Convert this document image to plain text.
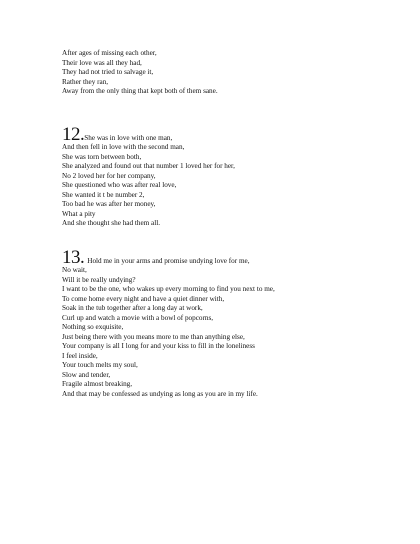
After ages of missing each other,
Their love was all they had,
They had not tried to salvage it,
Rather they ran,
Away from the only thing that kept both of them sane.
12.She was in love with one man,
And then fell in love with the second man,
She was torn between both,
She analyzed and found out that number 1 loved her for her,
No 2 loved her for her company,
She questioned who was after real love,
She wanted it t be number 2,
Too bad he was after her money,
What a pity
And she thought she had them all.
13. Hold me in your arms and promise undying love for me,
No wait,
Will it be really undying?
I want to be the one, who wakes up every morning to find you next to me,
To come home every night and have a quiet dinner with,
Soak in the tub together after a long day at work,
Curl up and watch a movie with a bowl of popcorns,
Nothing so exquisite,
Just being there with you means more to me than anything else,
Your company is all I long for and your kiss to fill in the loneliness
I feel inside,
Your touch melts my soul,
Slow and tender,
Fragile almost breaking,
And that may be confessed as undying as long as you are in my life.
